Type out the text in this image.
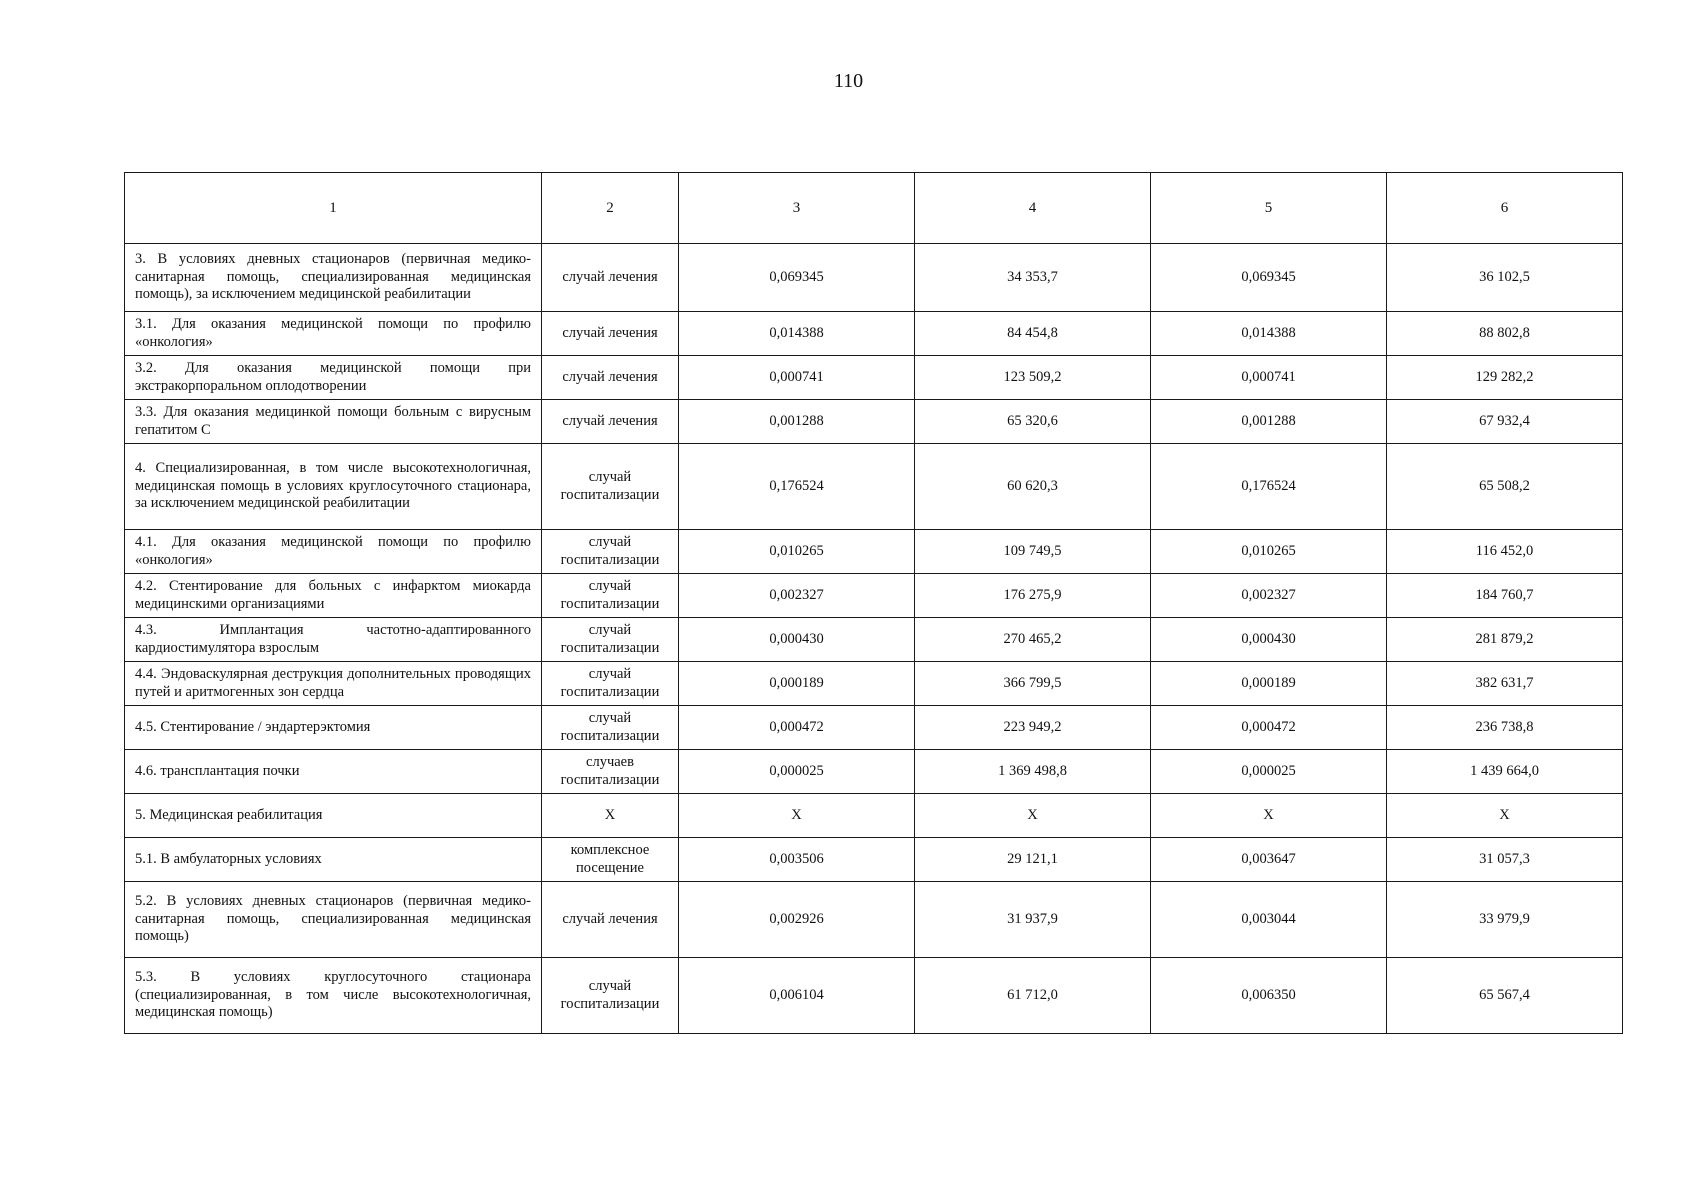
110
1	2	3	4	5	6
3. В условиях дневных стационаров (первичная медико-санитарная помощь, специализированная медицинская помощь), за исключением медицинской реабилитации	случай лечения	0,069345	34 353,7	0,069345	36 102,5
3.1. Для оказания медицинской помощи по профилю «онкология»	случай лечения	0,014388	84 454,8	0,014388	88 802,8
3.2. Для оказания медицинской помощи при экстракорпоральном оплодотворении	случай лечения	0,000741	123 509,2	0,000741	129 282,2
3.3. Для оказания медицинкой помощи больным с вирусным гепатитом С	случай лечения	0,001288	65 320,6	0,001288	67 932,4
4. Специализированная, в том числе высокотехнологичная, медицинская помощь в условиях круглосуточного стационара, за исключением медицинской реабилитации	случай госпитализации	0,176524	60 620,3	0,176524	65 508,2
4.1. Для оказания медицинской помощи по профилю «онкология»	случай госпитализации	0,010265	109 749,5	0,010265	116 452,0
4.2. Стентирование для больных с инфарктом миокарда медицинскими организациями	случай госпитализации	0,002327	176 275,9	0,002327	184 760,7
4.3. Имплантация частотно-адаптированного кардиостимулятора взрослым	случай госпитализации	0,000430	270 465,2	0,000430	281 879,2
4.4. Эндоваскулярная деструкция дополнительных проводящих путей и аритмогенных зон сердца	случай госпитализации	0,000189	366 799,5	0,000189	382 631,7
4.5. Стентирование / эндартерэктомия	случай госпитализации	0,000472	223 949,2	0,000472	236 738,8
4.6. трансплантация почки	случаев госпитализации	0,000025	1 369 498,8	0,000025	1 439 664,0
5. Медицинская реабилитация	X	X	X	X	X
5.1. В амбулаторных условиях	комплексное посещение	0,003506	29 121,1	0,003647	31 057,3
5.2. В условиях дневных стационаров (первичная медико-санитарная помощь, специализированная медицинская помощь)	случай лечения	0,002926	31 937,9	0,003044	33 979,9
5.3. В условиях круглосуточного стационара (специализированная, в том числе высокотехнологичная, медицинская помощь)	случай госпитализации	0,006104	61 712,0	0,006350	65 567,4
